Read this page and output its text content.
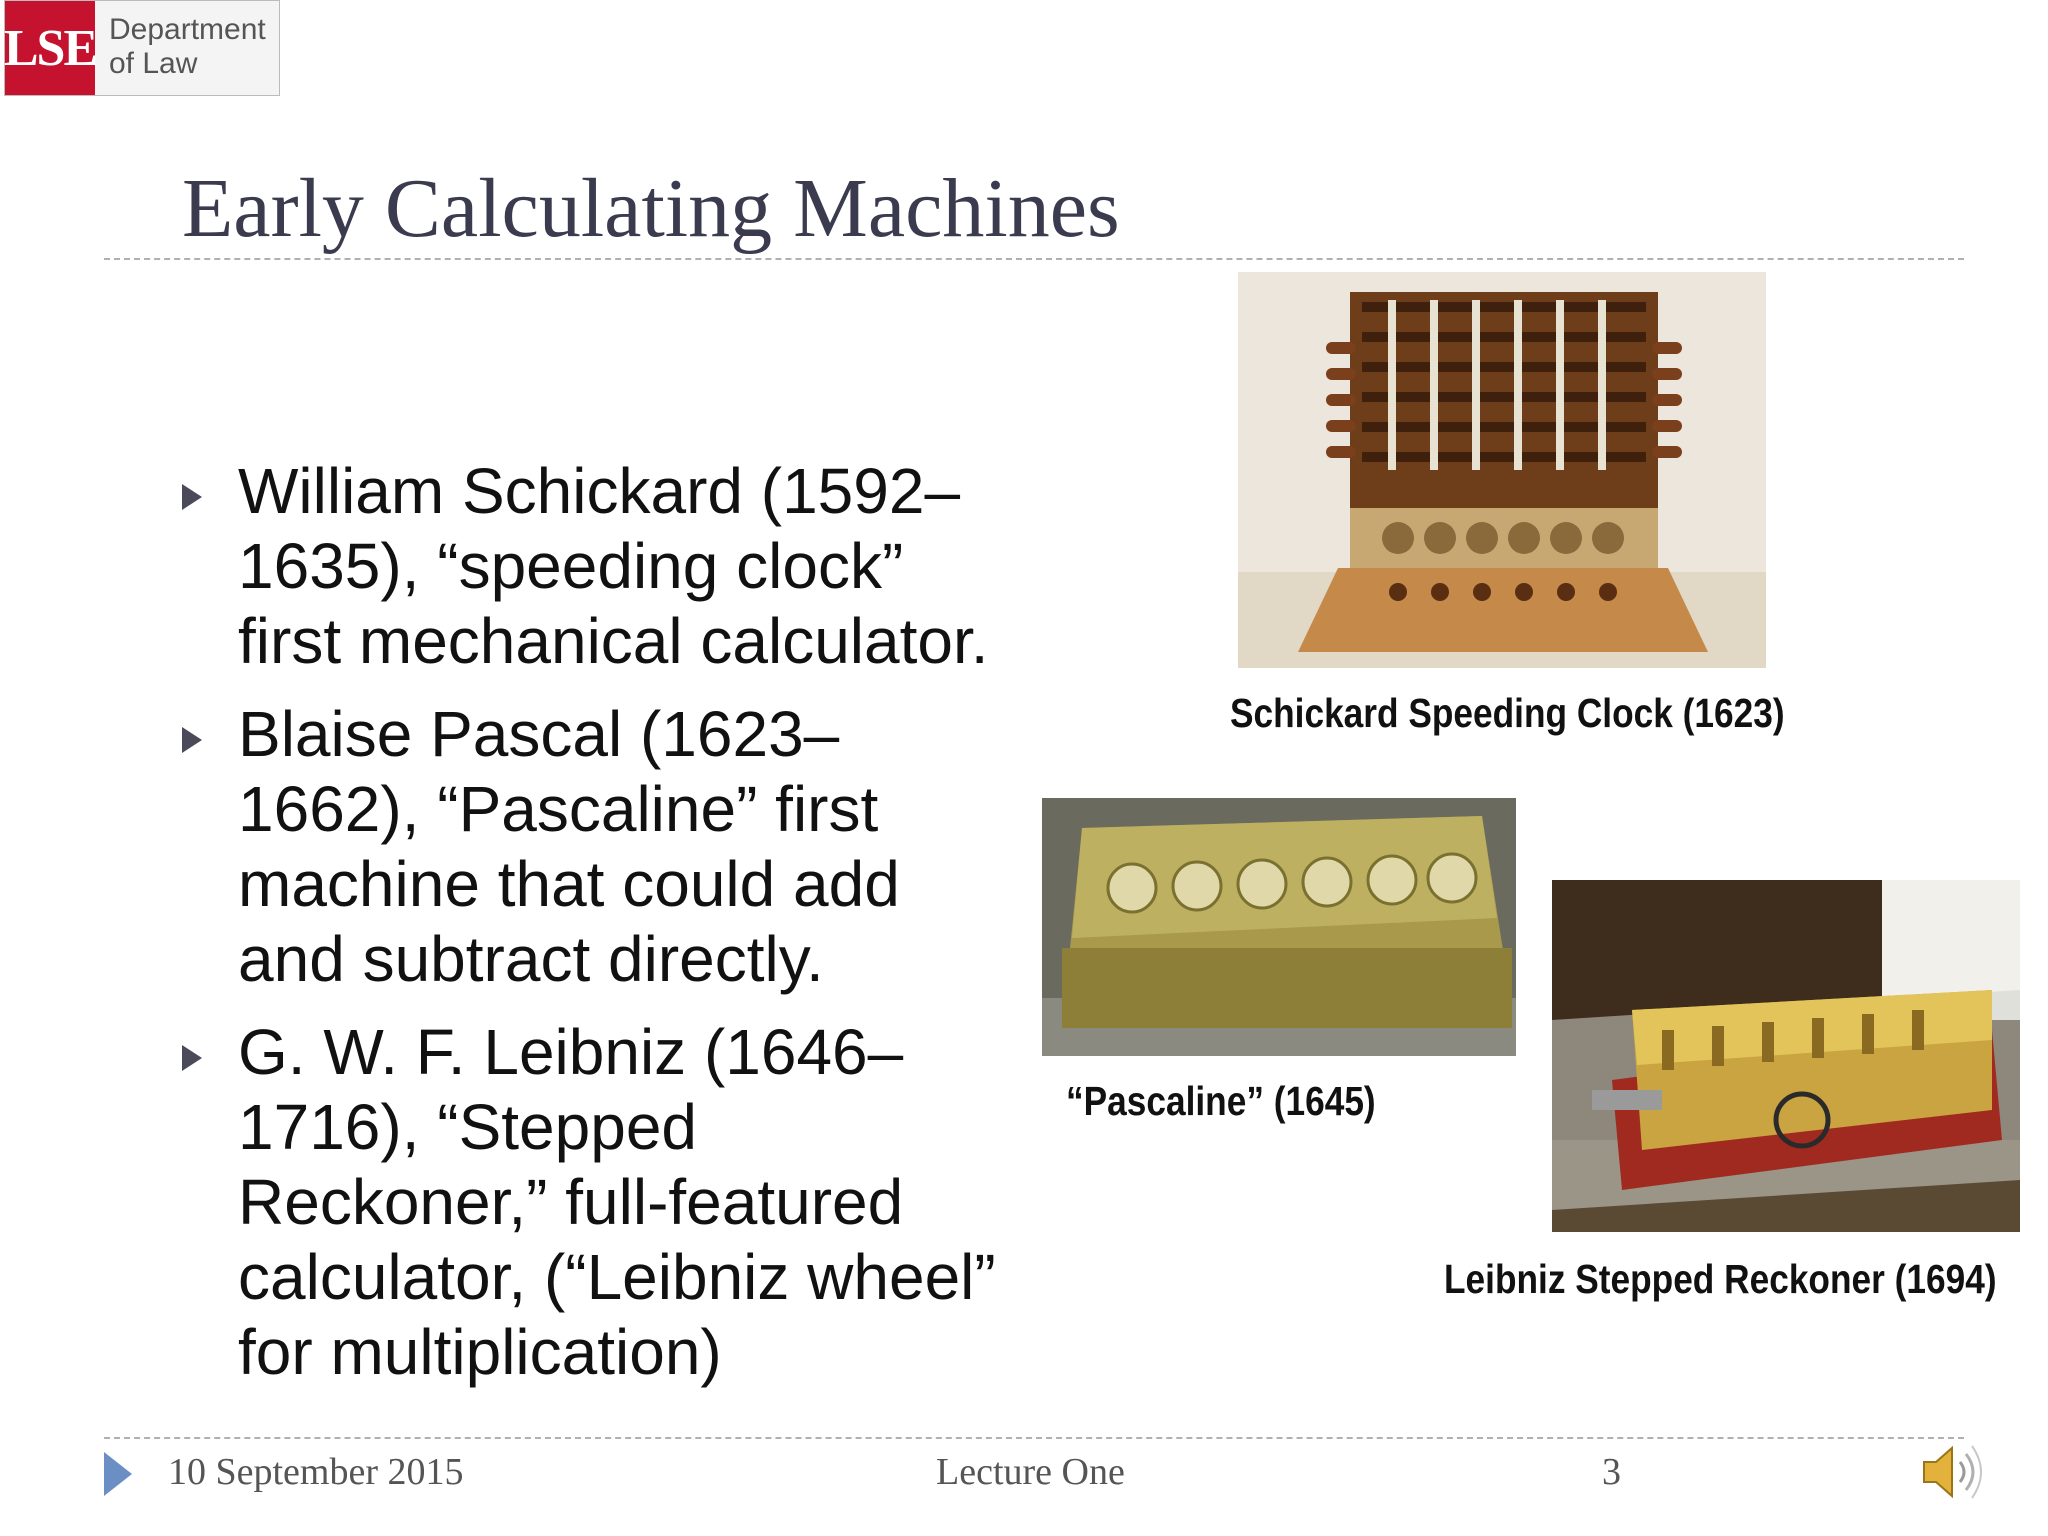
LSE Department
of Law
Early Calculating Machines
William Schickard (1592–1635), “speeding clock” first mechanical calculator.
Blaise Pascal (1623–1662), “Pascaline” first machine that could add and subtract directly.
G. W. F. Leibniz (1646–1716), “Stepped Reckoner,” full-featured calculator, (“Leibniz wheel” for multiplication)
Schickard Speeding Clock (1623)
“Pascaline” (1645)
Leibniz Stepped Reckoner (1694)
10 September 2015	Lecture One	3
